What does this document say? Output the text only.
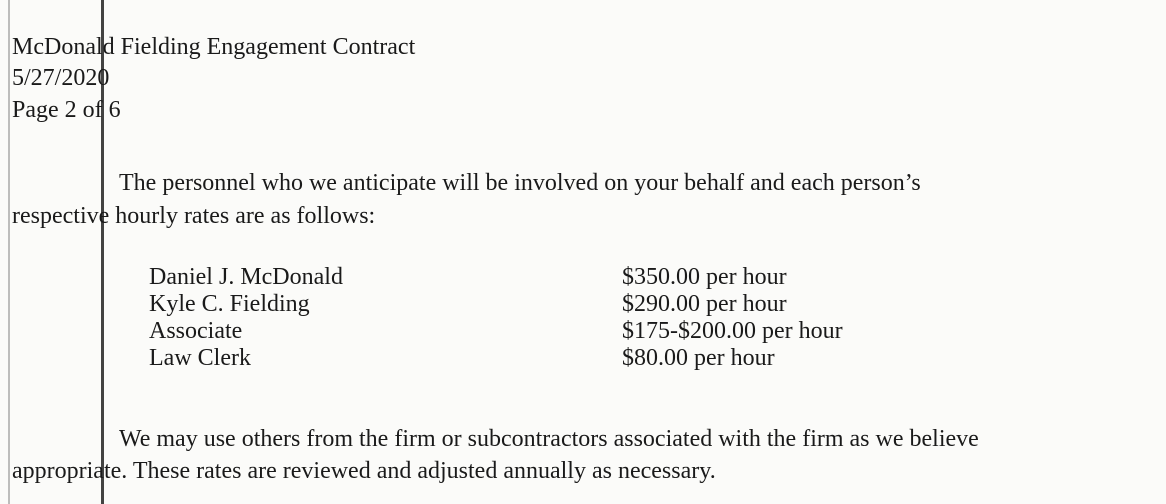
McDonald Fielding Engagement Contract
5/27/2020
Page 2 of 6
The personnel who we anticipate will be involved on your behalf and each person’s
respective hourly rates are as follows:
Daniel J. McDonald	$350.00 per hour
Kyle C. Fielding	$290.00 per hour
Associate	$175-$200.00 per hour
Law Clerk	$80.00 per hour
We may use others from the firm or subcontractors associated with the firm as we believe
appropriate. These rates are reviewed and adjusted annually as necessary.
